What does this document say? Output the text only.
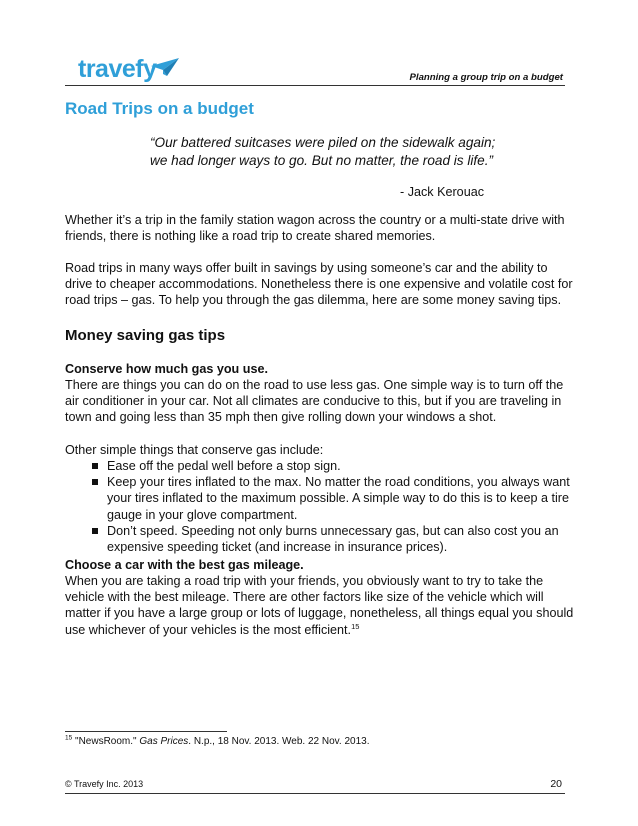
travefy	Planning a group trip on a budget
Road Trips on a budget

“Our battered suitcases were piled on the sidewalk again; we had longer ways to go. But no matter, the road is life.”

- Jack Kerouac

Whether it’s a trip in the family station wagon across the country or a multi-state drive with friends, there is nothing like a road trip to create shared memories.

Road trips in many ways offer built in savings by using someone’s car and the ability to drive to cheaper accommodations. Nonetheless there is one expensive and volatile cost for road trips – gas. To help you through the gas dilemma, here are some money saving tips.

Money saving gas tips

Conserve how much gas you use.

There are things you can do on the road to use less gas. One simple way is to turn off the air conditioner in your car. Not all climates are conducive to this, but if you are traveling in town and going less than 35 mph then give rolling down your windows a shot.

Other simple things that conserve gas include:

Ease off the pedal well before a stop sign.
Keep your tires inflated to the max. No matter the road conditions, you always want your tires inflated to the maximum possible. A simple way to do this is to keep a tire gauge in your glove compartment.
Don’t speed. Speeding not only burns unnecessary gas, but can also cost you an expensive speeding ticket (and increase in insurance prices).

Choose a car with the best gas mileage.

When you are taking a road trip with your friends, you obviously want to try to take the vehicle with the best mileage. There are other factors like size of the vehicle which will matter if you have a large group or lots of luggage, nonetheless, all things equal you should use whichever of your vehicles is the most efficient.$^{15}$

$^{15}$ "NewsRoom." Gas Prices. N.p., 18 Nov. 2013. Web. 22 Nov. 2013.
© Travefy Inc. 2013	20
